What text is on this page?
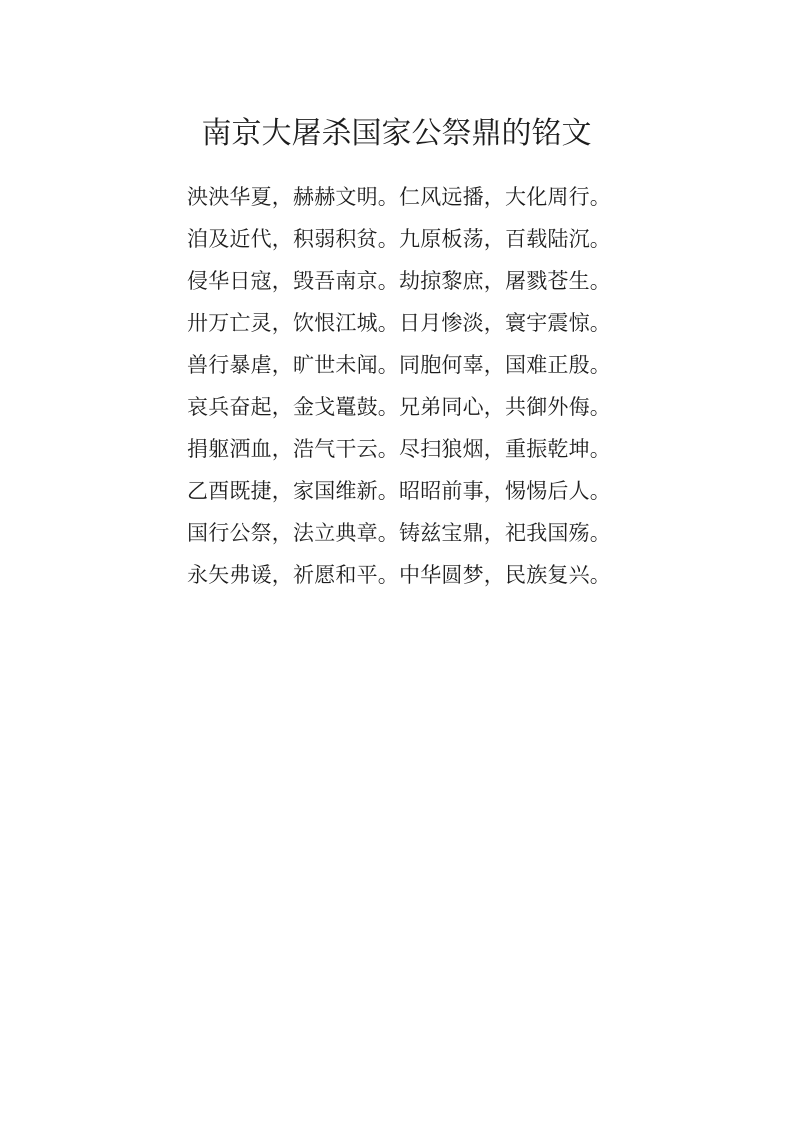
南京大屠杀国家公祭鼎的铭文
泱泱华夏，赫赫文明。仁风远播，大化周行。
洎及近代，积弱积贫。九原板荡，百载陆沉。
侵华日寇，毁吾南京。劫掠黎庶，屠戮苍生。
卅万亡灵，饮恨江城。日月惨淡，寰宇震惊。
兽行暴虐，旷世未闻。同胞何辜，国难正殷。
哀兵奋起，金戈鼍鼓。兄弟同心，共御外侮。
捐躯洒血，浩气干云。尽扫狼烟，重振乾坤。
乙酉既捷，家国维新。昭昭前事，惕惕后人。
国行公祭，法立典章。铸兹宝鼎，祀我国殇。
永矢弗谖，祈愿和平。中华圆梦，民族复兴。
